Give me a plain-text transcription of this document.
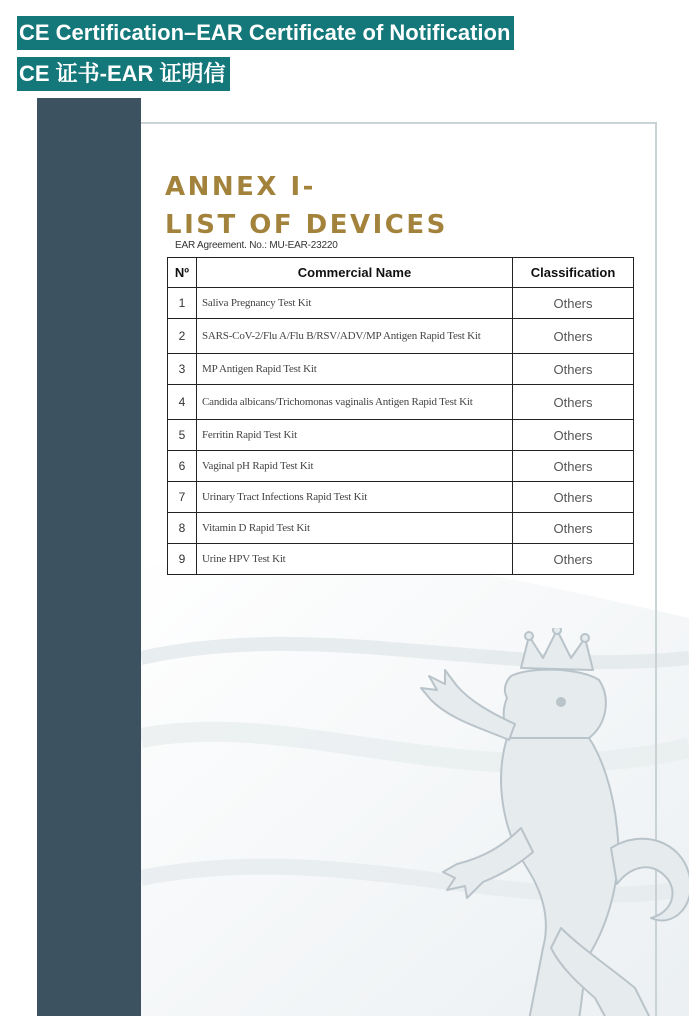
CE Certification–EAR Certificate of Notification
CE 证书-EAR 证明信
ANNEX I-
LIST OF DEVICES
EAR Agreement. No.: MU-EAR-23220
Nº	Commercial Name	Classification
1	Saliva Pregnancy Test Kit	Others
2	SARS-CoV-2/Flu A/Flu B/RSV/ADV/MP Antigen Rapid Test Kit	Others
3	MP Antigen Rapid Test Kit	Others
4	Candida albicans/Trichomonas vaginalis Antigen Rapid Test Kit	Others
5	Ferritin Rapid Test Kit	Others
6	Vaginal pH Rapid Test Kit	Others
7	Urinary Tract Infections Rapid Test Kit	Others
8	Vitamin D Rapid Test Kit	Others
9	Urine HPV Test Kit	Others
